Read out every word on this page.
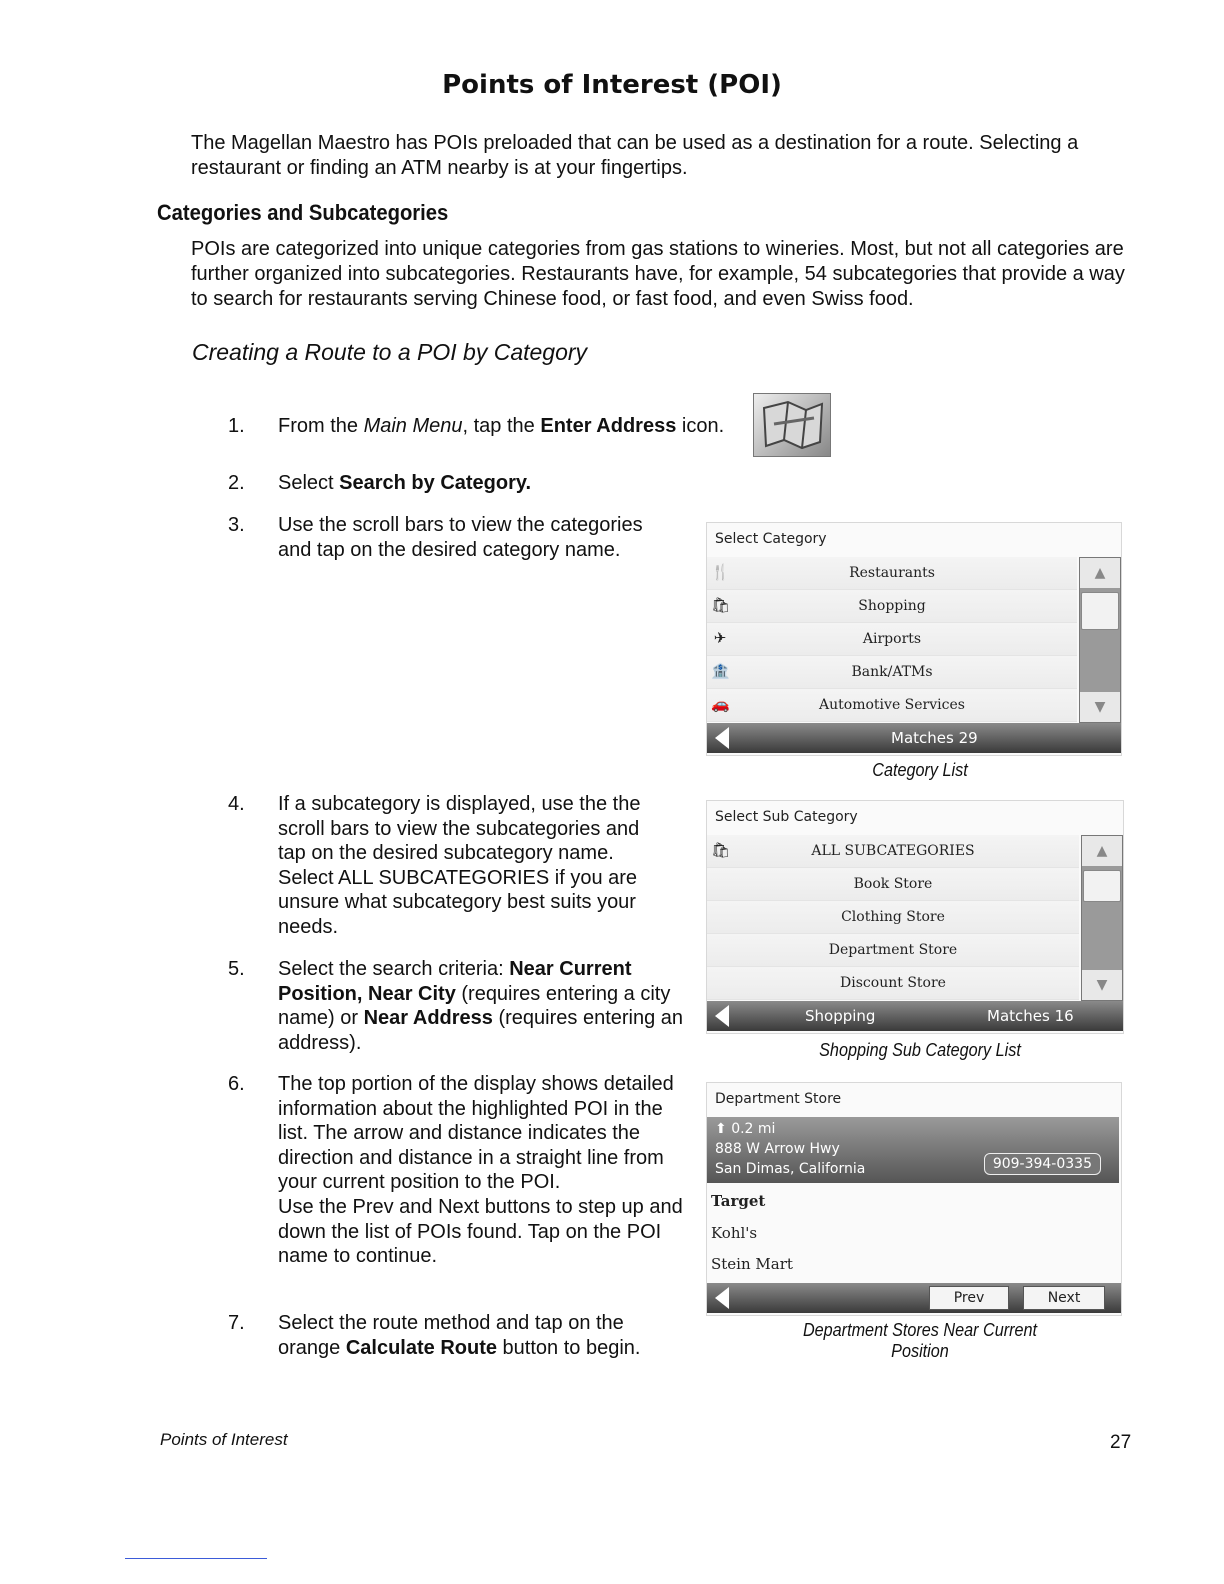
Points of Interest (POI)
The Magellan Maestro has POIs preloaded that can be used as a destination for a route. Selecting a restaurant or finding an ATM nearby is at your fingertips.
Categories and Subcategories
POIs are categorized into unique categories from gas stations to wineries. Most, but not all categories are further organized into subcategories. Restaurants have, for example, 54 subcategories that provide a way to search for restaurants serving Chinese food, or fast food, and even Swiss food.
Creating a Route to a POI by Category
1. From the Main Menu, tap the Enter Address icon.
2. Select Search by Category.
3. Use the scroll bars to view the categories and tap on the desired category name.
4. If a subcategory is displayed, use the the scroll bars to view the subcategories and tap on the desired subcategory name. Select ALL SUBCATEGORIES if you are unsure what subcategory best suits your needs.
5. Select the search criteria: Near Current Position, Near City (requires entering a city name) or Near Address (requires entering an address).
6. The top portion of the display shows detailed information about the highlighted POI in the list. The arrow and distance indicates the direction and distance in a straight line from your current position to the POI.
Use the Prev and Next buttons to step up and down the list of POIs found. Tap on the POI name to continue.
7. Select the route method and tap on the orange Calculate Route button to begin.
Select Category
🍴	Restaurants
🛍	Shopping
✈	Airports
🏦	Bank/ATMs
🚗	Automotive Services
▲
▼
Matches 29
Category List
Select Sub Category
🛍	ALL SUBCATEGORIES
Book Store
Clothing Store
Department Store
Discount Store
▲
▼
Shopping	Matches 16
Shopping Sub Category List
Department Store
⬆ 0.2 mi
888 W Arrow Hwy
San Dimas, California	909-394-0335
Target
Kohl's
Stein Mart
Prev	Next
Department Stores Near Current Position
Points of Interest	27
